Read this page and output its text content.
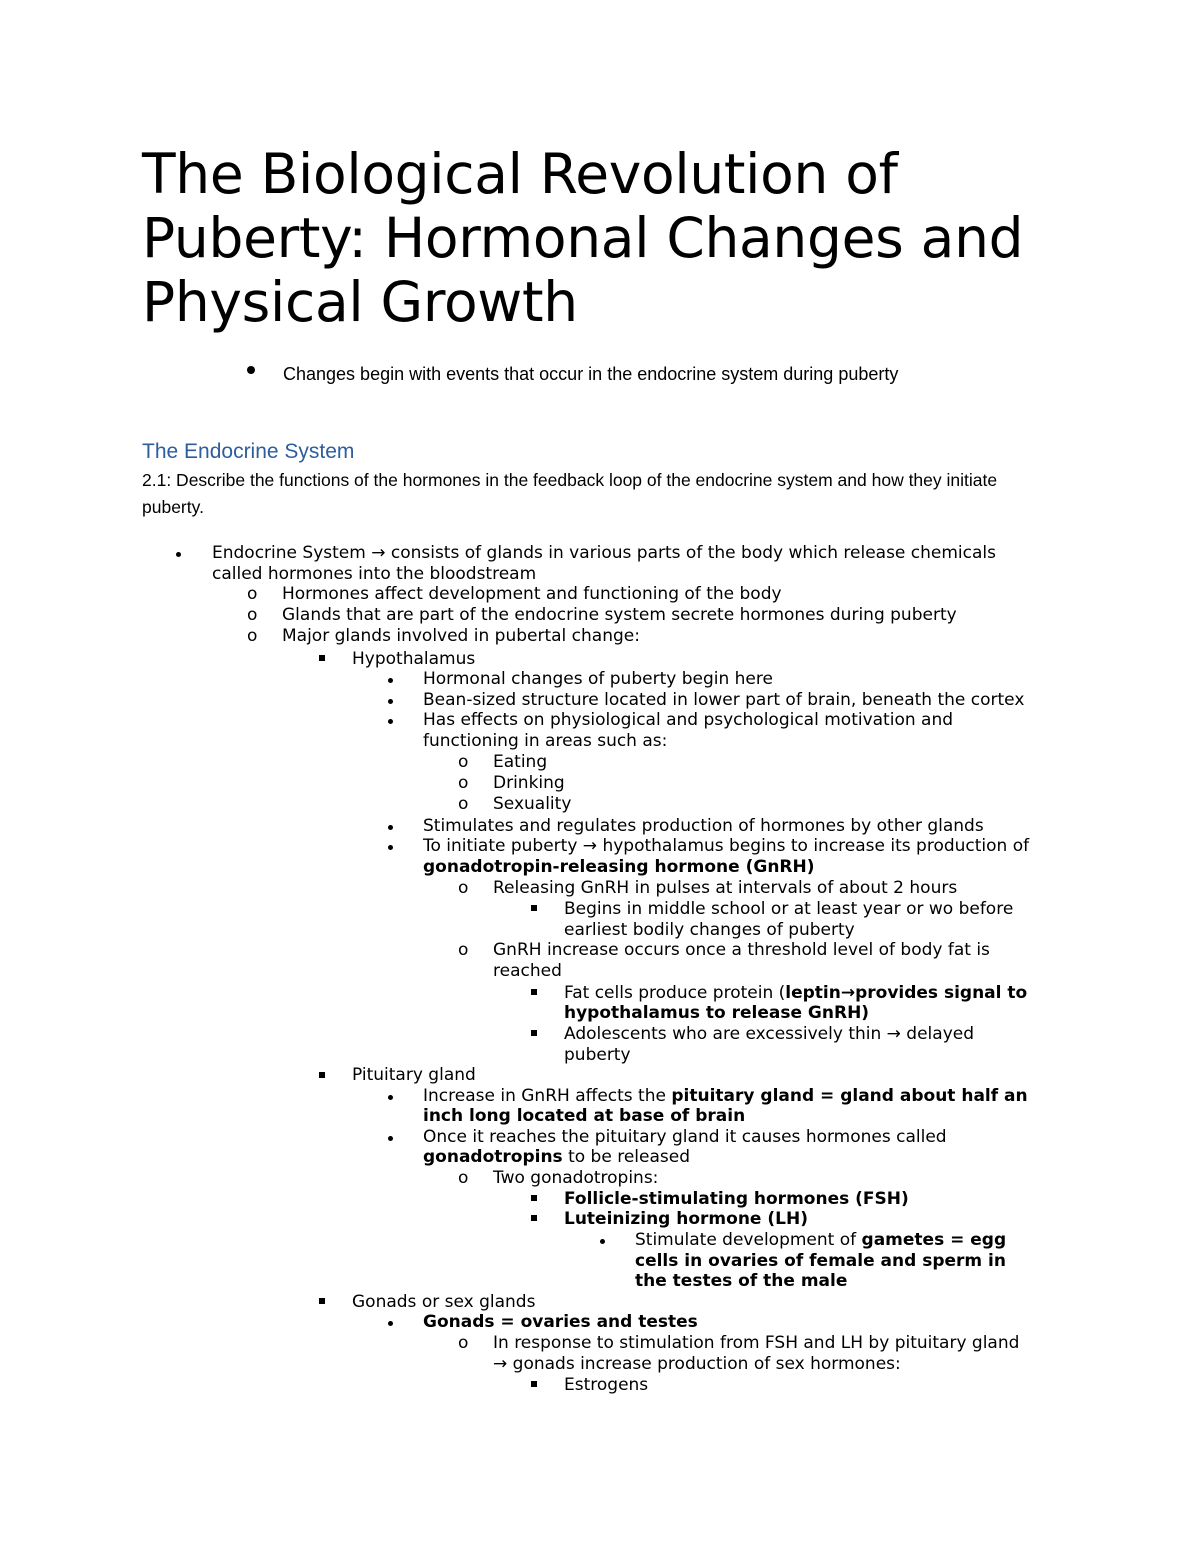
The Biological Revolution of Puberty: Hormonal Changes and Physical Growth
Changes begin with events that occur in the endocrine system during puberty
The Endocrine System
2.1: Describe the functions of the hormones in the feedback loop of the endocrine system and how they initiate puberty.
Endocrine System → consists of glands in various parts of the body which release chemicals
called hormones into the bloodstream
o Hormones affect development and functioning of the body
o Glands that are part of the endocrine system secrete hormones during puberty
o Major glands involved in pubertal change:
Hypothalamus
Hormonal changes of puberty begin here
Bean-sized structure located in lower part of brain, beneath the cortex
Has effects on physiological and psychological motivation and
functioning in areas such as:
o Eating
o Drinking
o Sexuality
Stimulates and regulates production of hormones by other glands
To initiate puberty → hypothalamus begins to increase its production of
gonadotropin-releasing hormone (GnRH)
o Releasing GnRH in pulses at intervals of about 2 hours
Begins in middle school or at least year or wo before
earliest bodily changes of puberty
o GnRH increase occurs once a threshold level of body fat is
reached
Fat cells produce protein (leptin→provides signal to
hypothalamus to release GnRH)
Adolescents who are excessively thin → delayed
puberty
Pituitary gland
Increase in GnRH affects the pituitary gland = gland about half an
inch long located at base of brain
Once it reaches the pituitary gland it causes hormones called
gonadotropins to be released
o Two gonadotropins:
Follicle-stimulating hormones (FSH)
Luteinizing hormone (LH)
Stimulate development of gametes = egg
cells in ovaries of female and sperm in
the testes of the male
Gonads or sex glands
Gonads = ovaries and testes
o In response to stimulation from FSH and LH by pituitary gland
→ gonads increase production of sex hormones:
Estrogens
